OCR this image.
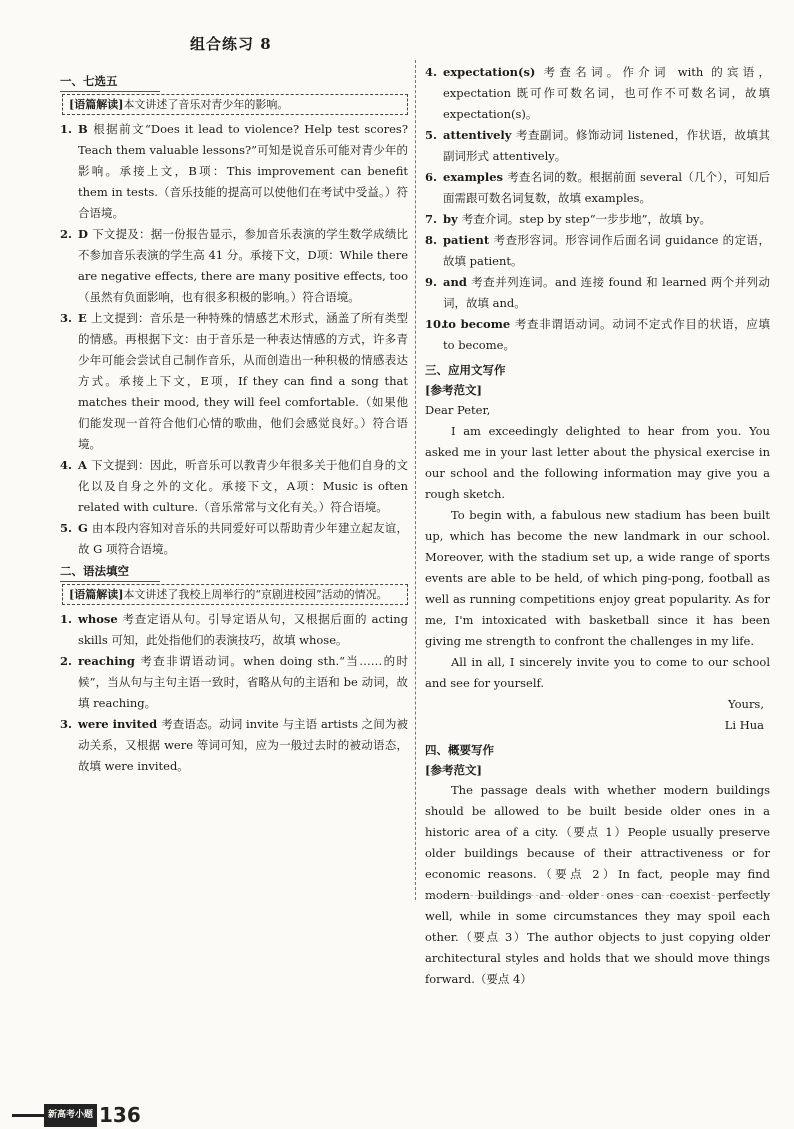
组合练习 8
一、七选五
[语篇解读]本文讲述了音乐对青少年的影响。
1. B 根据前文“Does it lead to violence? Help test scores? Teach them valuable lessons?”可知是说音乐可能对青少年的影响。承接上文，B项：This improvement can benefit them in tests.（音乐技能的提高可以使他们在考试中受益。）符合语境。
2. D 下文提及：据一份报告显示，参加音乐表演的学生数学成绩比不参加音乐表演的学生高 41 分。承接下文，D项：While there are negative effects, there are many positive effects, too（虽然有负面影响，也有很多积极的影响。）符合语境。
3. E 上文提到：音乐是一种特殊的情感艺术形式，涵盖了所有类型的情感。再根据下文：由于音乐是一种表达情感的方式，许多青少年可能会尝试自己制作音乐，从而创造出一种积极的情感表达方式。承接上下文，E项，If they can find a song that matches their mood, they will feel comfortable.（如果他们能发现一首符合他们心情的歌曲，他们会感觉良好。）符合语境。
4. A 下文提到：因此，听音乐可以教青少年很多关于他们自身的文化以及自身之外的文化。承接下文，A项：Music is often related with culture.（音乐常常与文化有关。）符合语境。
5. G 由本段内容知对音乐的共同爱好可以帮助青少年建立起友谊，故 G 项符合语境。
二、语法填空
[语篇解读]本文讲述了我校上周举行的“京剧进校园”活动的情况。
1. whose 考查定语从句。引导定语从句，又根据后面的 acting skills 可知，此处指他们的表演技巧，故填 whose。
2. reaching 考查非谓语动词。when doing sth.“当……的时候”，当从句与主句主语一致时，省略从句的主语和 be 动词，故填 reaching。
3. were invited 考查语态。动词 invite 与主语 artists 之间为被动关系，又根据 were 等词可知，应为一般过去时的被动语态，故填 were invited。
4. expectation(s) 考查名词。作介词 with 的宾语，expectation 既可作可数名词，也可作不可数名词，故填 expectation(s)。
5. attentively 考查副词。修饰动词 listened，作状语，故填其副词形式 attentively。
6. examples 考查名词的数。根据前面 several（几个），可知后面需跟可数名词复数，故填 examples。
7. by 考查介词。step by step“一步步地”，故填 by。
8. patient 考查形容词。形容词作后面名词 guidance 的定语，故填 patient。
9. and 考查并列连词。and 连接 found 和 learned 两个并列动词，故填 and。
10.
to become 考查非谓语动词。动词不定式作目的状语，应填 to become。
三、应用文写作
[参考范文]

Dear Peter,

I am exceedingly delighted to hear from you. You asked me in your last letter about the physical exercise in our school and the following information may give you a rough sketch.

To begin with, a fabulous new stadium has been built up, which has become the new landmark in our school. Moreover, with the stadium set up, a wide range of sports events are able to be held, of which ping-pong, football as well as running competitions enjoy great popularity. As for me, I'm intoxicated with basketball since it has been giving me strength to confront the challenges in my life.

All in all, I sincerely invite you to come to our school and see for yourself.

Yours,

Li Hua

四、概要写作
[参考范文]

The passage deals with whether modern buildings should be allowed to be built beside older ones in a historic area of a city.（要点 1）People usually preserve older buildings because of their attractiveness or for economic reasons.（要点 2）In fact, people may find modern buildings and older ones can coexist perfectly well, while in some circumstances they may spoil each other.（要点 3）The author objects to just copying older architectural styles and holds that we should move things forward.（要点 4）

新高考小题 136
